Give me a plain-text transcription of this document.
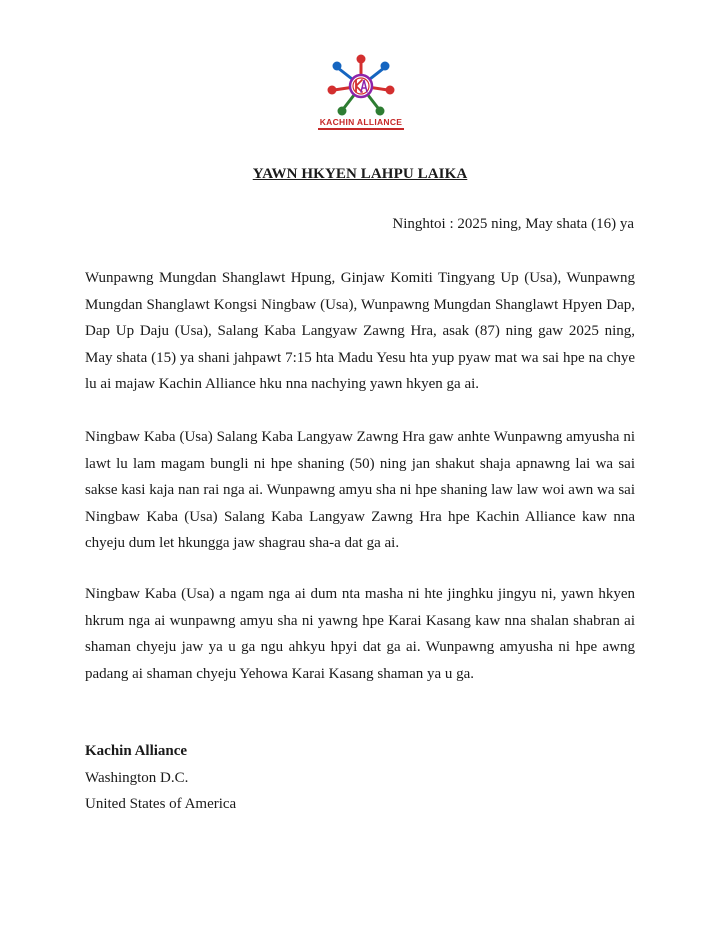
KACHIN ALLIANCE
YAWN HKYEN LAHPU LAIKA
Ninghtoi : 2025 ning, May shata (16) ya

Wunpawng Mungdan Shanglawt Hpung, Ginjaw Komiti Tingyang Up (Usa), Wunpawng Mungdan Shanglawt Kongsi Ningbaw (Usa), Wunpawng Mungdan Shanglawt Hpyen Dap, Dap Up Daju (Usa), Salang Kaba Langyaw Zawng Hra, asak (87) ning gaw 2025 ning, May shata (15) ya shani jahpawt 7:15 hta Madu Yesu hta yup pyaw mat wa sai hpe na chye lu ai majaw Kachin Alliance hku nna nachying yawn hkyen ga ai.

Ningbaw Kaba (Usa) Salang Kaba Langyaw Zawng Hra gaw anhte Wunpawng amyusha ni lawt lu lam magam bungli ni hpe shaning (50) ning jan shakut shaja apnawng lai wa sai sakse kasi kaja nan rai nga ai. Wunpawng amyu sha ni hpe shaning law law woi awn wa sai Ningbaw Kaba (Usa) Salang Kaba Langyaw Zawng Hra hpe Kachin Alliance kaw nna chyeju dum let hkungga jaw shagrau sha-a dat ga ai.

Ningbaw Kaba (Usa) a ngam nga ai dum nta masha ni hte jinghku jingyu ni, yawn hkyen hkrum nga ai wunpawng amyu sha ni yawng hpe Karai Kasang kaw nna shalan shabran ai shaman chyeju jaw ya u ga ngu ahkyu hpyi dat ga ai. Wunpawng amyusha ni hpe awng padang ai shaman chyeju Yehowa Karai Kasang shaman ya u ga.

Kachin Alliance
Washington D.C.
United States of America
